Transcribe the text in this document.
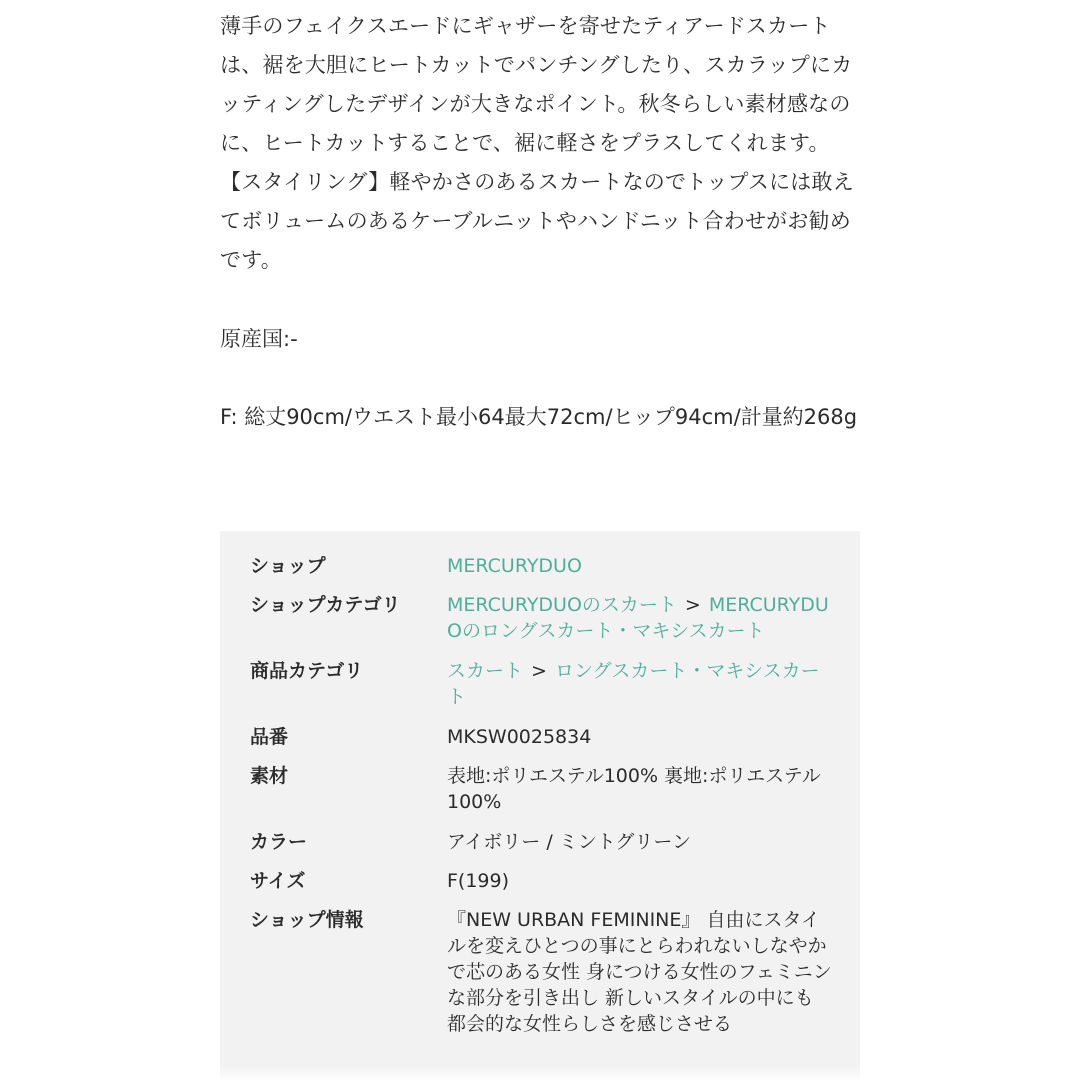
薄手のフェイクスエードにギャザーを寄せたティアードスカートは、裾を大胆にヒートカットでパンチングしたり、スカラップにカッティングしたデザインが大きなポイント。秋冬らしい素材感なのに、ヒートカットすることで、裾に軽さをプラスしてくれます。 【スタイリング】軽やかさのあるスカートなのでトップスには敢えてボリュームのあるケーブルニットやハンドニット合わせがお勧めです。

原産国:-

F: 総丈90cm/ウエスト最小64最大72cm/ヒップ94cm/計量約268g

ショップ	MERCURYDUO
ショップカテゴリ	MERCURYDUOのスカート > MERCURYDUOのロングスカート・マキシスカート
商品カテゴリ	スカート > ロングスカート・マキシスカート
品番	MKSW0025834
素材	表地:ポリエステル100% 裏地:ポリエステル100%
カラー	アイボリー / ミントグリーン
サイズ	F(199)
ショップ情報	『NEW URBAN FEMININE』 自由にスタイルを変えひとつの事にとらわれないしなやかで芯のある女性 身につける女性のフェミニンな部分を引き出し 新しいスタイルの中にも都会的な女性らしさを感じさせる
